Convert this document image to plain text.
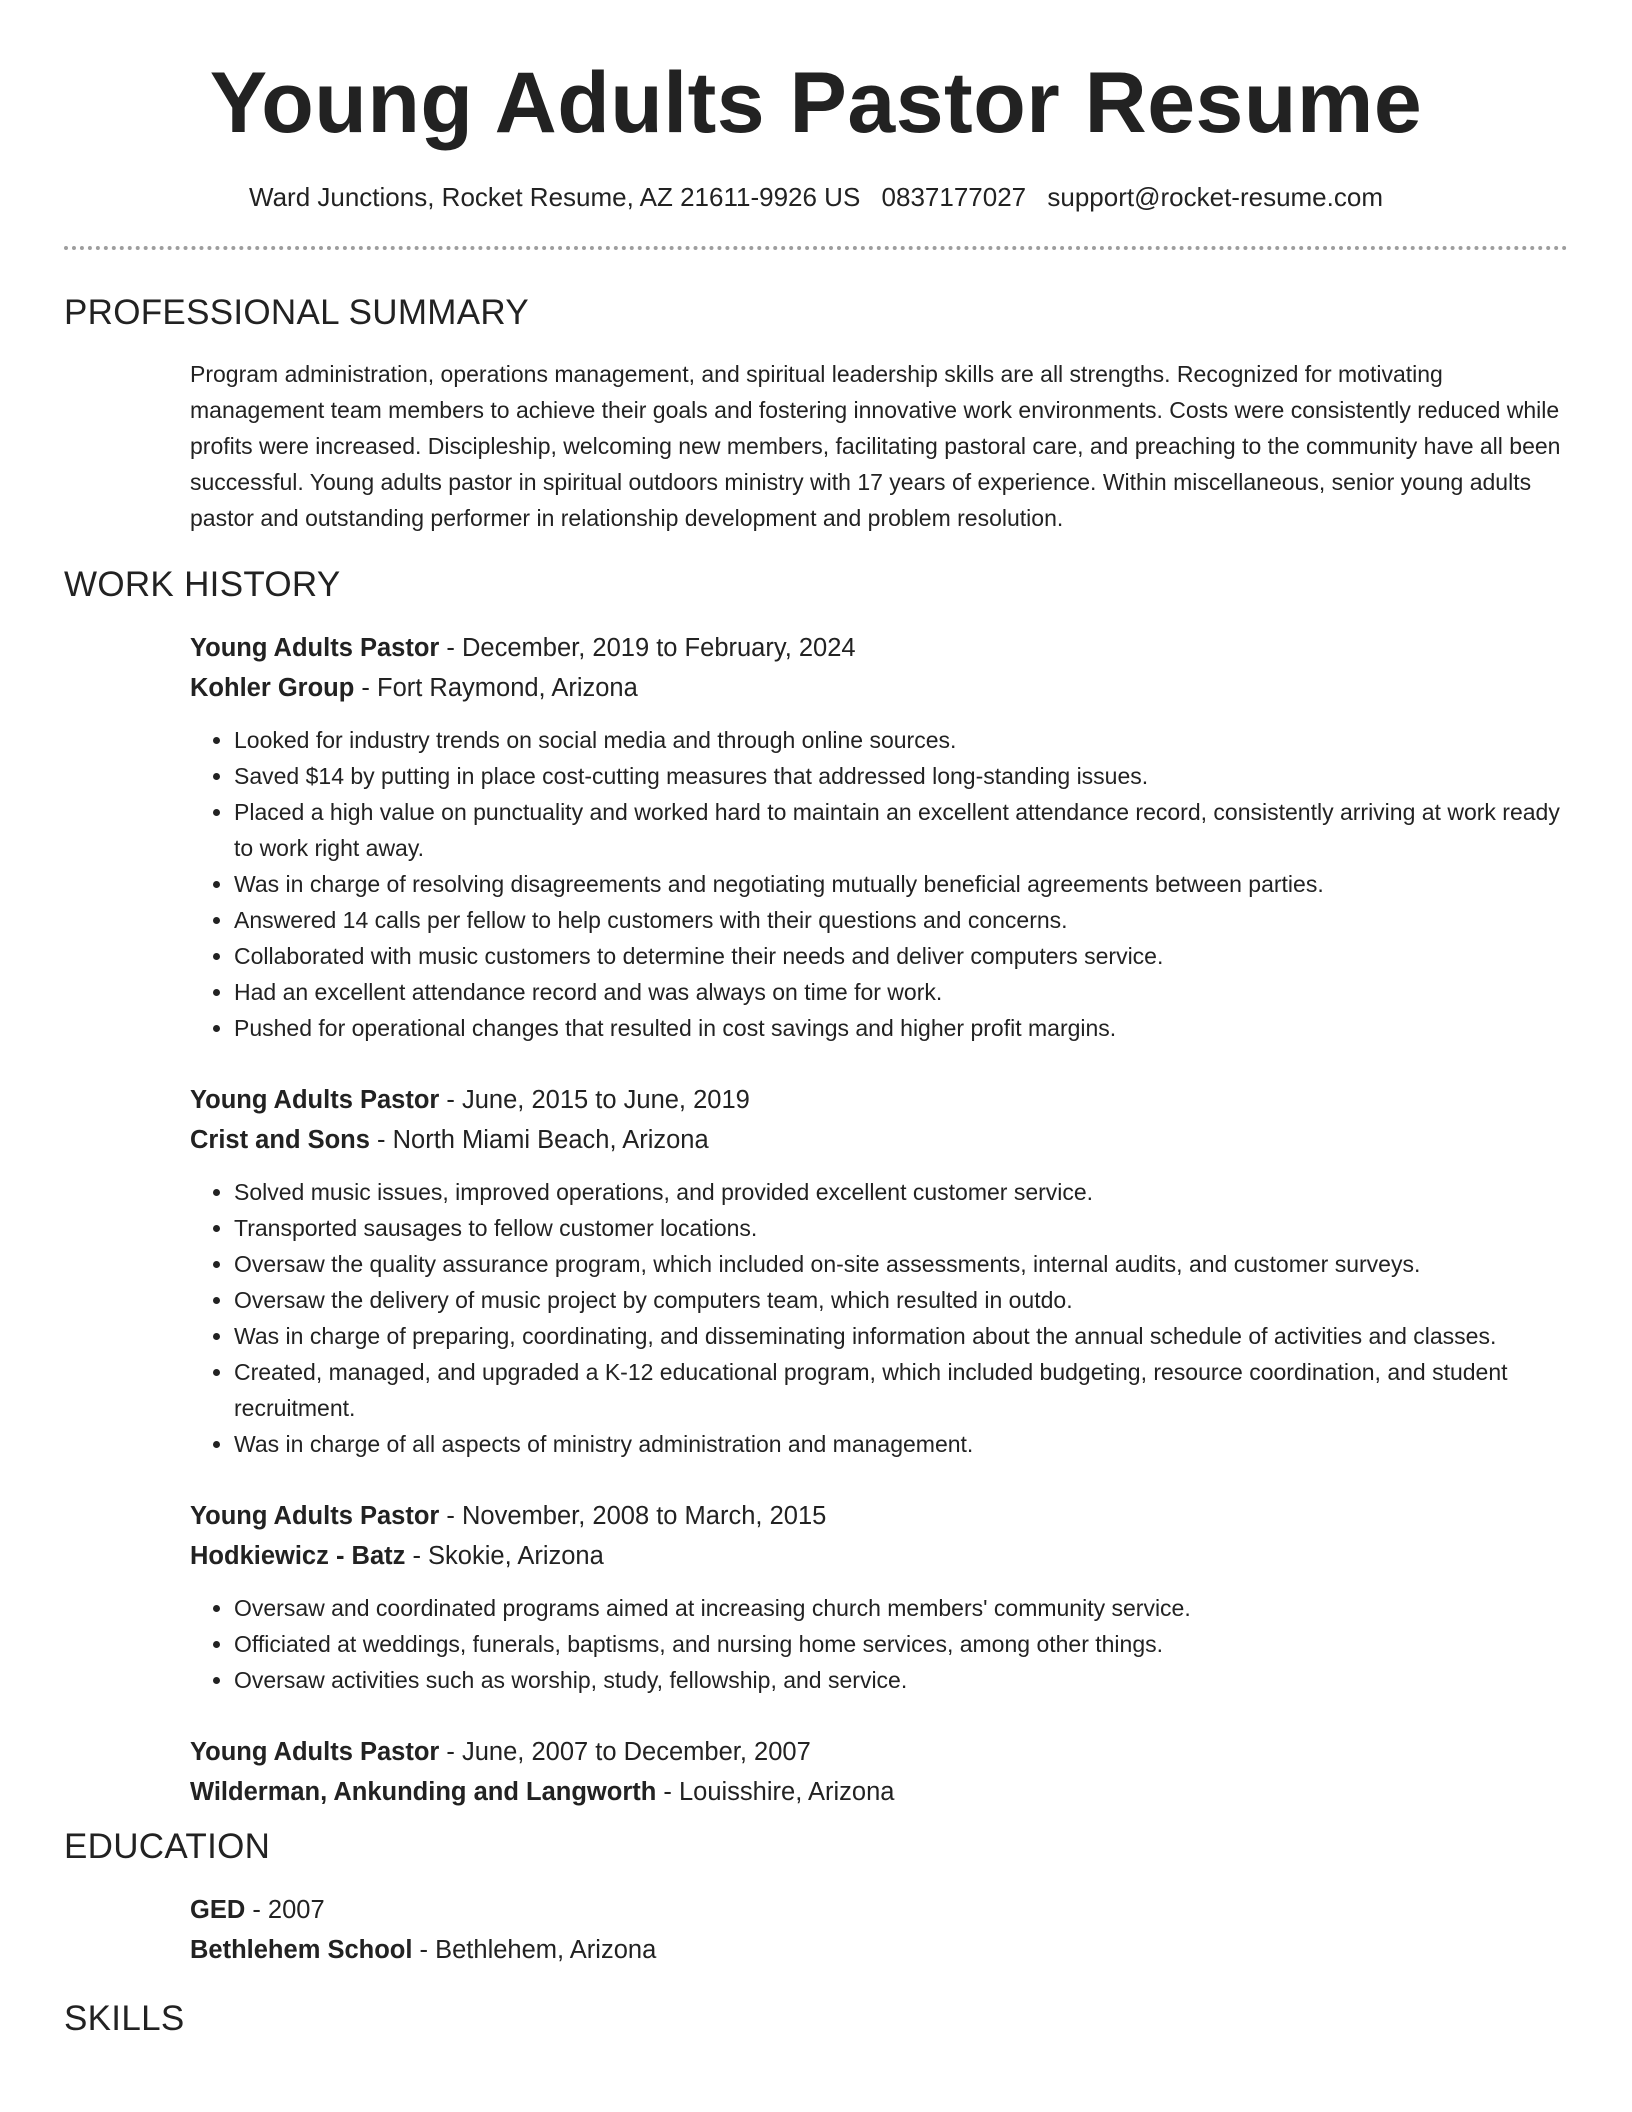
Young Adults Pastor Resume
Ward Junctions, Rocket Resume, AZ 21611-9926 US 0837177027 support@rocket-resume.com
PROFESSIONAL SUMMARY

Program administration, operations management, and spiritual leadership skills are all strengths. Recognized for motivating management team members to achieve their goals and fostering innovative work environments. Costs were consistently reduced while profits were increased. Discipleship, welcoming new members, facilitating pastoral care, and preaching to the community have all been successful. Young adults pastor in spiritual outdoors ministry with 17 years of experience. Within miscellaneous, senior young adults pastor and outstanding performer in relationship development and problem resolution.

WORK HISTORY
Young Adults Pastor - December, 2019 to February, 2024
Kohler Group - Fort Raymond, Arizona
• Looked for industry trends on social media and through online sources.
• Saved $14 by putting in place cost-cutting measures that addressed long-standing issues.
• Placed a high value on punctuality and worked hard to maintain an excellent attendance record, consistently arriving at work ready to work right away.
• Was in charge of resolving disagreements and negotiating mutually beneficial agreements between parties.
• Answered 14 calls per fellow to help customers with their questions and concerns.
• Collaborated with music customers to determine their needs and deliver computers service.
• Had an excellent attendance record and was always on time for work.
• Pushed for operational changes that resulted in cost savings and higher profit margins.
Young Adults Pastor - June, 2015 to June, 2019
Crist and Sons - North Miami Beach, Arizona
• Solved music issues, improved operations, and provided excellent customer service.
• Transported sausages to fellow customer locations.
• Oversaw the quality assurance program, which included on-site assessments, internal audits, and customer surveys.
• Oversaw the delivery of music project by computers team, which resulted in outdo.
• Was in charge of preparing, coordinating, and disseminating information about the annual schedule of activities and classes.
• Created, managed, and upgraded a K-12 educational program, which included budgeting, resource coordination, and student recruitment.
• Was in charge of all aspects of ministry administration and management.
Young Adults Pastor - November, 2008 to March, 2015
Hodkiewicz - Batz - Skokie, Arizona
• Oversaw and coordinated programs aimed at increasing church members' community service.
• Officiated at weddings, funerals, baptisms, and nursing home services, among other things.
• Oversaw activities such as worship, study, fellowship, and service.
Young Adults Pastor - June, 2007 to December, 2007
Wilderman, Ankunding and Langworth - Louisshire, Arizona
EDUCATION
GED - 2007
Bethlehem School - Bethlehem, Arizona
SKILLS
